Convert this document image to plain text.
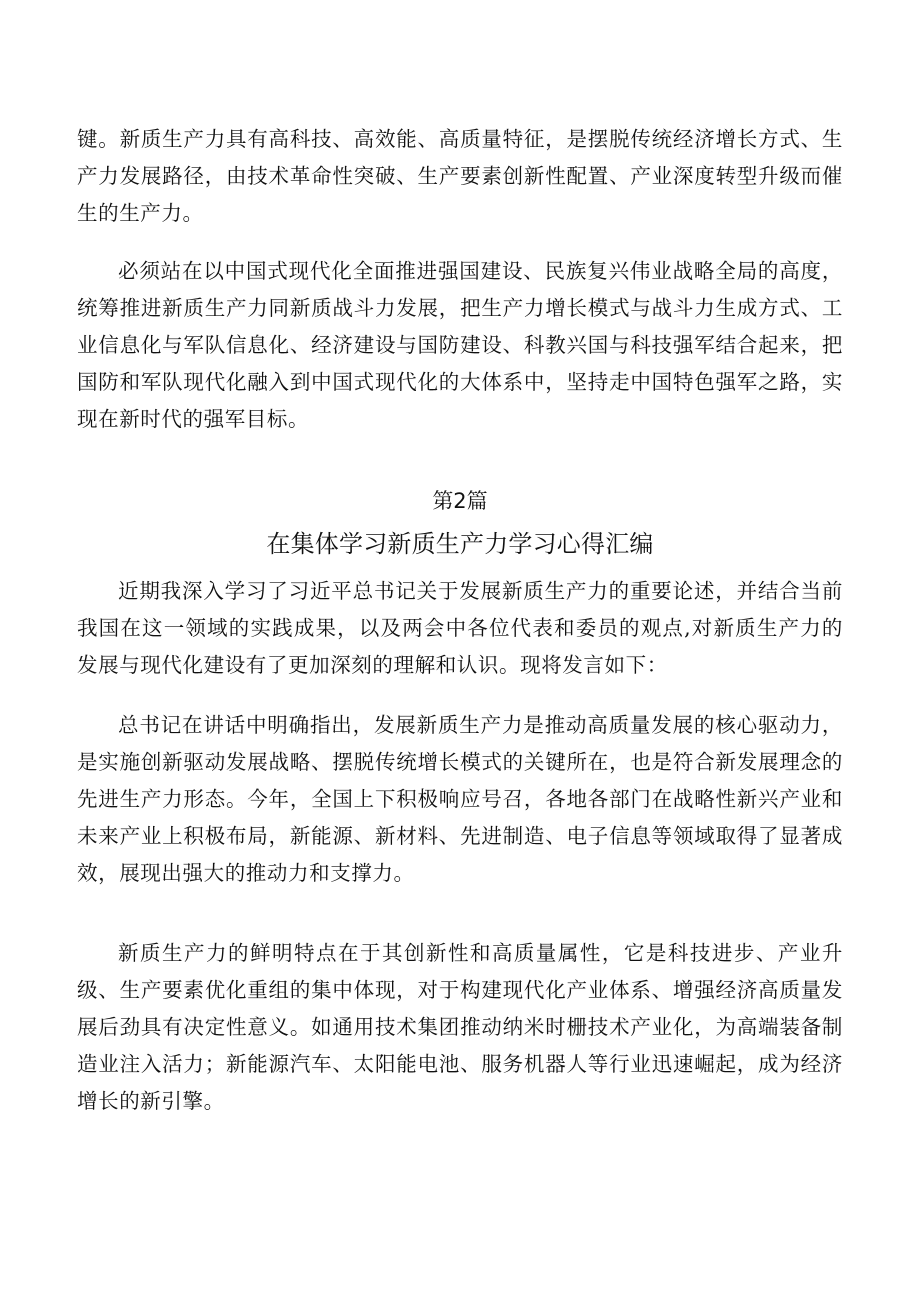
键。新质生产力具有高科技、高效能、高质量特征，是摆脱传统经济增长方式、生产力发展路径，由技术革命性突破、生产要素创新性配置、产业深度转型升级而催生的生产力。

必须站在以中国式现代化全面推进强国建设、民族复兴伟业战略全局的高度，统筹推进新质生产力同新质战斗力发展，把生产力增长模式与战斗力生成方式、工业信息化与军队信息化、经济建设与国防建设、科教兴国与科技强军结合起来，把国防和军队现代化融入到中国式现代化的大体系中，坚持走中国特色强军之路，实现在新时代的强军目标。

第2篇
在集体学习新质生产力学习心得汇编

近期我深入学习了习近平总书记关于发展新质生产力的重要论述，并结合当前我国在这一领域的实践成果，以及两会中各位代表和委员的观点,对新质生产力的发展与现代化建设有了更加深刻的理解和认识。现将发言如下：

总书记在讲话中明确指出，发展新质生产力是推动高质量发展的核心驱动力，是实施创新驱动发展战略、摆脱传统增长模式的关键所在，也是符合新发展理念的先进生产力形态。今年，全国上下积极响应号召，各地各部门在战略性新兴产业和未来产业上积极布局，新能源、新材料、先进制造、电子信息等领域取得了显著成效，展现出强大的推动力和支撑力。

新质生产力的鲜明特点在于其创新性和高质量属性，它是科技进步、产业升级、生产要素优化重组的集中体现，对于构建现代化产业体系、增强经济高质量发展后劲具有决定性意义。如通用技术集团推动纳米时栅技术产业化，为高端装备制造业注入活力；新能源汽车、太阳能电池、服务机器人等行业迅速崛起，成为经济增长的新引擎。
